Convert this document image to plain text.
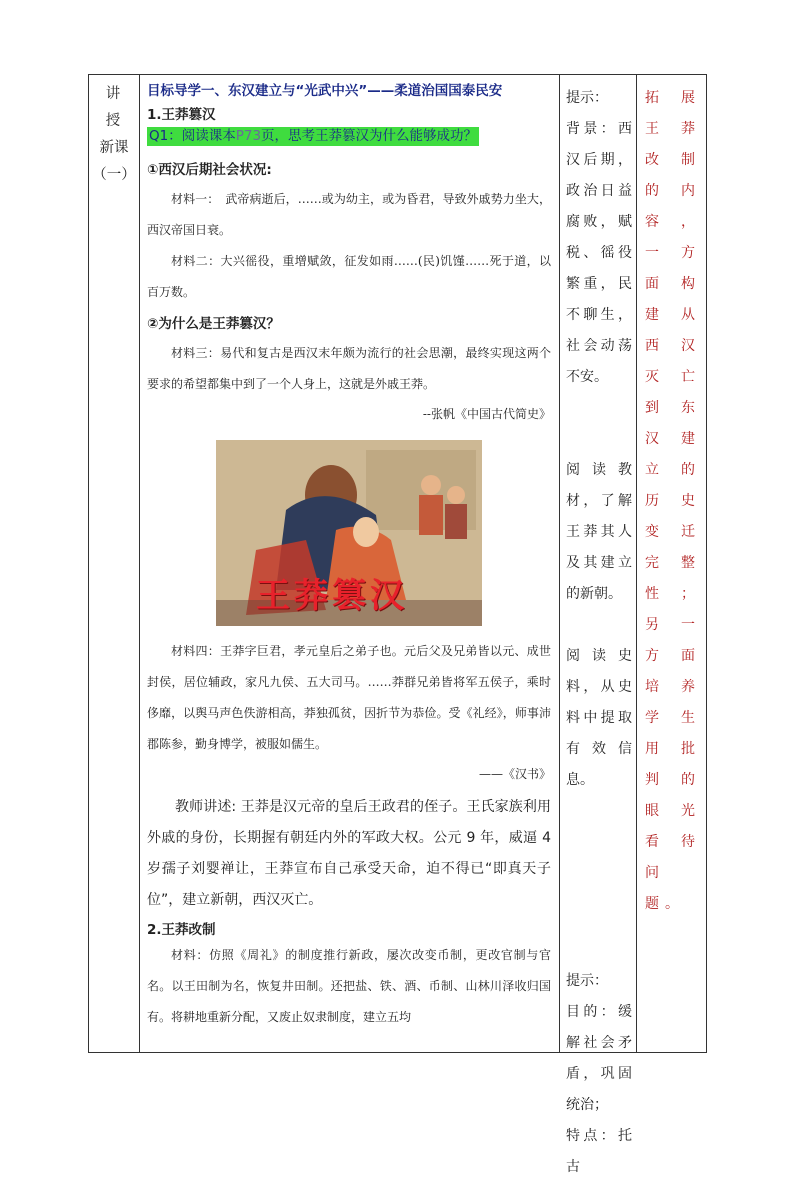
讲授
新课
（一）
目标导学一、东汉建立与“光武中兴”——柔道治国国泰民安
1.王莽篡汉
Q1：阅读课本P73页，思考王莽篡汉为什么能够成功？
①西汉后期社会状况:

材料一：　武帝病逝后，……或为幼主，或为昏君，导致外戚势力坐大，西汉帝国日衰。

材料二：大兴徭役，重增赋敛，征发如雨……(民)饥馑……死于道，以百万数。

②为什么是王莽篡汉？

材料三：易代和复古是西汉末年颇为流行的社会思潮，最终实现这两个要求的希望都集中到了一个人身上，这就是外戚王莽。

--张帆《中国古代简史》

王莽篡汉

材料四：王莽字巨君，孝元皇后之弟子也。元后父及兄弟皆以元、成世封侯，居位辅政，家凡九侯、五大司马。……莽群兄弟皆将军五侯子，乘时侈靡，以舆马声色佚游相高，莽独孤贫，因折节为恭俭。受《礼经》，师事沛郡陈参，勤身博学，被服如儒生。

——《汉书》

教师讲述: 王莽是汉元帝的皇后王政君的侄子。王氏家族利用外戚的身份，长期握有朝廷内外的军政大权。公元 9 年，威逼 4 岁孺子刘婴禅让，王莽宣布自己承受天命，迫不得已“即真天子位”，建立新朝，西汉灭亡。

2.王莽改制

材料：仿照《周礼》的制度推行新政，屡次改变币制，更改官制与官名。以王田制为名，恢复井田制。还把盐、铁、酒、币制、山林川泽收归国有。将耕地重新分配，又废止奴隶制度，建立五均

提示：

背景：西汉后期，政治日益腐败，赋税、徭役繁重，民不聊生，社会动荡不安。

阅读教材，了解王莽其人及其建立的新朝。

阅读史料，从史料中提取有效信息。

提示：

目的：缓解社会矛盾，巩固统治；

特点：托古

拓展王莽改制的内容，一方面构建从西汉灭亡到东汉建立的历史变迁完整性；另一方面培养学生用批判的眼光看待问题。
